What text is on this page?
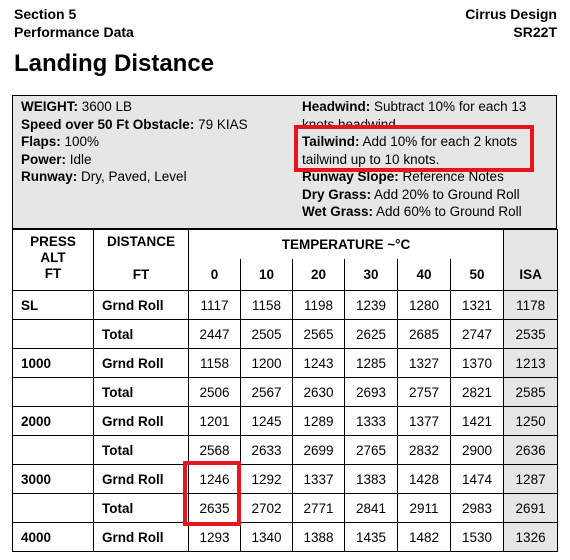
Section 5
Performance Data
Cirrus Design
SR22T
Landing Distance
WEIGHT: 3600 LB
Speed over 50 Ft Obstacle: 79 KIAS
Flaps: 100%
Power: Idle
Runway: Dry, Paved, Level
Headwind: Subtract 10% for each 13 knots headwind.
Tailwind: Add 10% for each 2 knots tailwind up to 10 knots.
Runway Slope: Reference Notes
Dry Grass: Add 20% to Ground Roll
Wet Grass: Add 60% to Ground Roll
PRESS
ALT
FT	DISTANCE	TEMPERATURE ~°C						
	FT	0	10	20	30	40	50	ISA
SL	Grnd Roll	1117	1158	1198	1239	1280	1321	1178
	Total	2447	2505	2565	2625	2685	2747	2535
1000	Grnd Roll	1158	1200	1243	1285	1327	1370	1213
	Total	2506	2567	2630	2693	2757	2821	2585
2000	Grnd Roll	1201	1245	1289	1333	1377	1421	1250
	Total	2568	2633	2699	2765	2832	2900	2636
3000	Grnd Roll	1246	1292	1337	1383	1428	1474	1287
	Total	2635	2702	2771	2841	2911	2983	2691
4000	Grnd Roll	1293	1340	1388	1435	1482	1530	1326
